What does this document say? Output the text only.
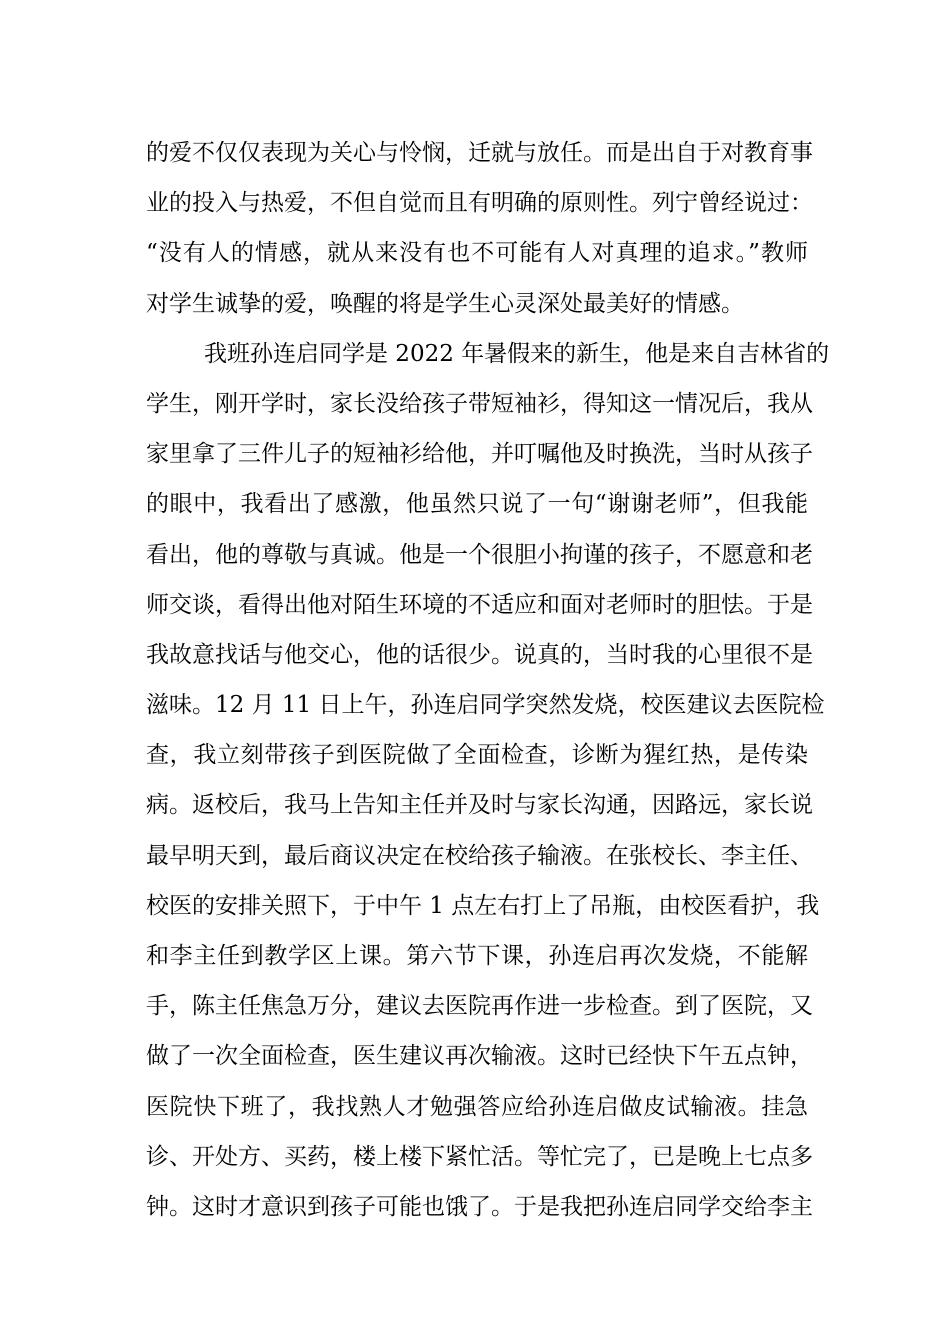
的爱不仅仅表现为关心与怜悯，迁就与放任。而是出自于对教育事
业的投入与热爱，不但自觉而且有明确的原则性。列宁曾经说过：
“没有人的情感，就从来没有也不可能有人对真理的追求。”教师
对学生诚挚的爱，唤醒的将是学生心灵深处最美好的情感。
我班孙连启同学是 2022 年暑假来的新生，他是来自吉林省的
学生，刚开学时，家长没给孩子带短袖衫，得知这一情况后，我从
家里拿了三件儿子的短袖衫给他，并叮嘱他及时换洗，当时从孩子
的眼中，我看出了感激，他虽然只说了一句“谢谢老师”，但我能
看出，他的尊敬与真诚。他是一个很胆小拘谨的孩子，不愿意和老
师交谈，看得出他对陌生环境的不适应和面对老师时的胆怯。于是
我故意找话与他交心，他的话很少。说真的，当时我的心里很不是
滋味。12 月 11 日上午，孙连启同学突然发烧，校医建议去医院检
查，我立刻带孩子到医院做了全面检查，诊断为猩红热，是传染
病。返校后，我马上告知主任并及时与家长沟通，因路远，家长说
最早明天到，最后商议决定在校给孩子输液。在张校长、李主任、
校医的安排关照下，于中午 1 点左右打上了吊瓶，由校医看护，我
和李主任到教学区上课。第六节下课，孙连启再次发烧，不能解
手，陈主任焦急万分，建议去医院再作进一步检查。到了医院，又
做了一次全面检查，医生建议再次输液。这时已经快下午五点钟，
医院快下班了，我找熟人才勉强答应给孙连启做皮试输液。挂急
诊、开处方、买药，楼上楼下紧忙活。等忙完了，已是晚上七点多
钟。这时才意识到孩子可能也饿了。于是我把孙连启同学交给李主
